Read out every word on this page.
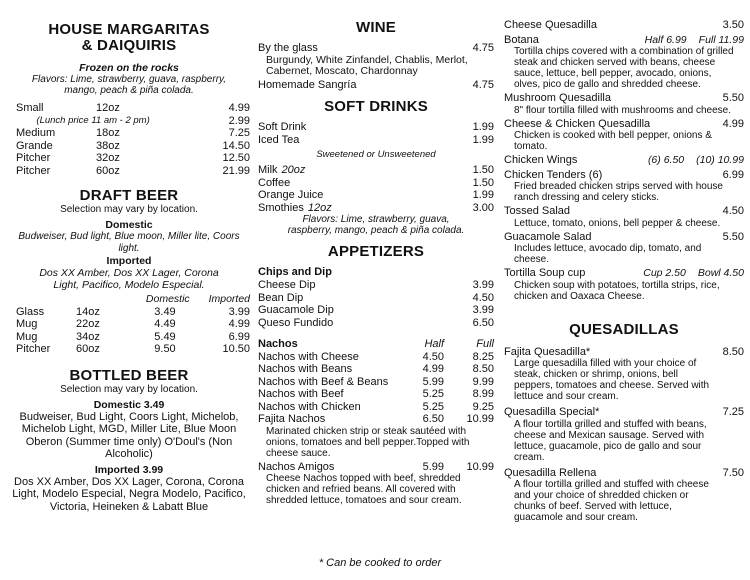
HOUSE MARGARITAS
& DAIQUIRIS
Frozen on the rocks
Flavors: Lime, strawberry, guava, raspberry, mango, peach & piña colada.
Small	12oz	4.99
(Lunch price 11 am - 2 pm)		2.99
Medium	18oz	7.25
Grande	38oz	14.50
Pitcher	32oz	12.50
Pitcher	60oz	21.99
DRAFT BEER
Selection may vary by location.
Domestic
Budweiser, Bud light, Blue moon, Miller lite, Coors light.
Imported
Dos XX Amber, Dos XX Lager, Corona Light, Pacifico, Modelo Especial.
		Domestic	Imported
Glass	14oz	3.49	3.99
Mug	22oz	4.49	4.99
Mug	34oz	5.49	6.99
Pitcher	60oz	9.50	10.50
BOTTLED BEER
Selection may vary by location.
Domestic 3.49
Budweiser, Bud Light, Coors Light, Michelob, Michelob Light, MGD, Miller Lite, Blue Moon Oberon (Summer time only) O'Doul's (Non Alcoholic)
Imported 3.99
Dos XX Amber, Dos XX Lager, Corona, Corona Light, Modelo Especial, Negra Modelo, Pacifico, Victoria, Heineken & Labatt Blue
WINE
By the glass	4.75
Burgundy, White Zinfandel, Chablis, Merlot, Cabernet, Moscato, Chardonnay
Homemade Sangría	4.75
SOFT DRINKS
Soft Drink	1.99
Iced Tea	1.99
Sweetened or Unsweetened
Milk 20oz	1.50
Coffee	1.50
Orange Juice	1.99
Smothies 12oz	3.00
Flavors: Lime, strawberry, guava, raspberry, mango, peach & piña colada.
APPETIZERS
Chips and Dip
Cheese Dip	3.99
Bean Dip	4.50
Guacamole Dip	3.99
Queso Fundido	6.50
Nachos	Half	Full
Nachos with Cheese	4.50	8.25
Nachos with Beans	4.99	8.50
Nachos with Beef & Beans	5.99	9.99
Nachos with Beef	5.25	8.99
Nachos with Chicken	5.25	9.25
Fajita Nachos	6.50	10.99
Marinated chicken strip or steak sautéed with onions, tomatoes and bell pepper.Topped with cheese sauce.
Nachos Amigos	5.99	10.99
Cheese Nachos topped with beef, shredded chicken and refried beans. All covered with shredded lettuce, tomatoes and sour cream.
Cheese Quesadilla	3.50
Botana	Half 6.99 Full 11.99
Tortilla chips covered with a combination of grilled steak and chicken served with beans, cheese sauce, lettuce, bell pepper, avocado, onions, olves, pico de gallo and shredded cheese.
Mushroom Quesadilla	5.50
8" flour tortilla filled with mushrooms and cheese.
Cheese & Chicken Quesadilla	4.99
Chicken is cooked with bell pepper, onions & tomato.
Chicken Wings	(6) 6.50 (10) 10.99
Chicken Tenders (6)	6.99
Fried breaded chicken strips served with house ranch dressing and celery sticks.
Tossed Salad	4.50
Lettuce, tomato, onions, bell pepper & cheese.
Guacamole Salad	5.50
Includes lettuce, avocado dip, tomato, and cheese.
Tortilla Soup cup	Cup 2.50 Bowl 4.50
Chicken soup with potatoes, tortilla strips, rice, chicken and Oaxaca Cheese.
QUESADILLAS
Fajita Quesadilla*	8.50
Large quesadilla filled with your choice of steak, chicken or shrimp, onions, bell peppers, tomatoes and cheese. Served with lettuce and sour cream.
Quesadilla Special*	7.25
A flour tortilla grilled and stuffed with beans, cheese and Mexican sausage. Served with lettuce, guacamole, pico de gallo and sour cream.
Quesadilla Rellena	7.50
A flour tortilla grilled and stuffed with cheese and your choice of shredded chicken or chunks of beef. Served with lettuce, guacamole and sour cream.
* Can be cooked to order
